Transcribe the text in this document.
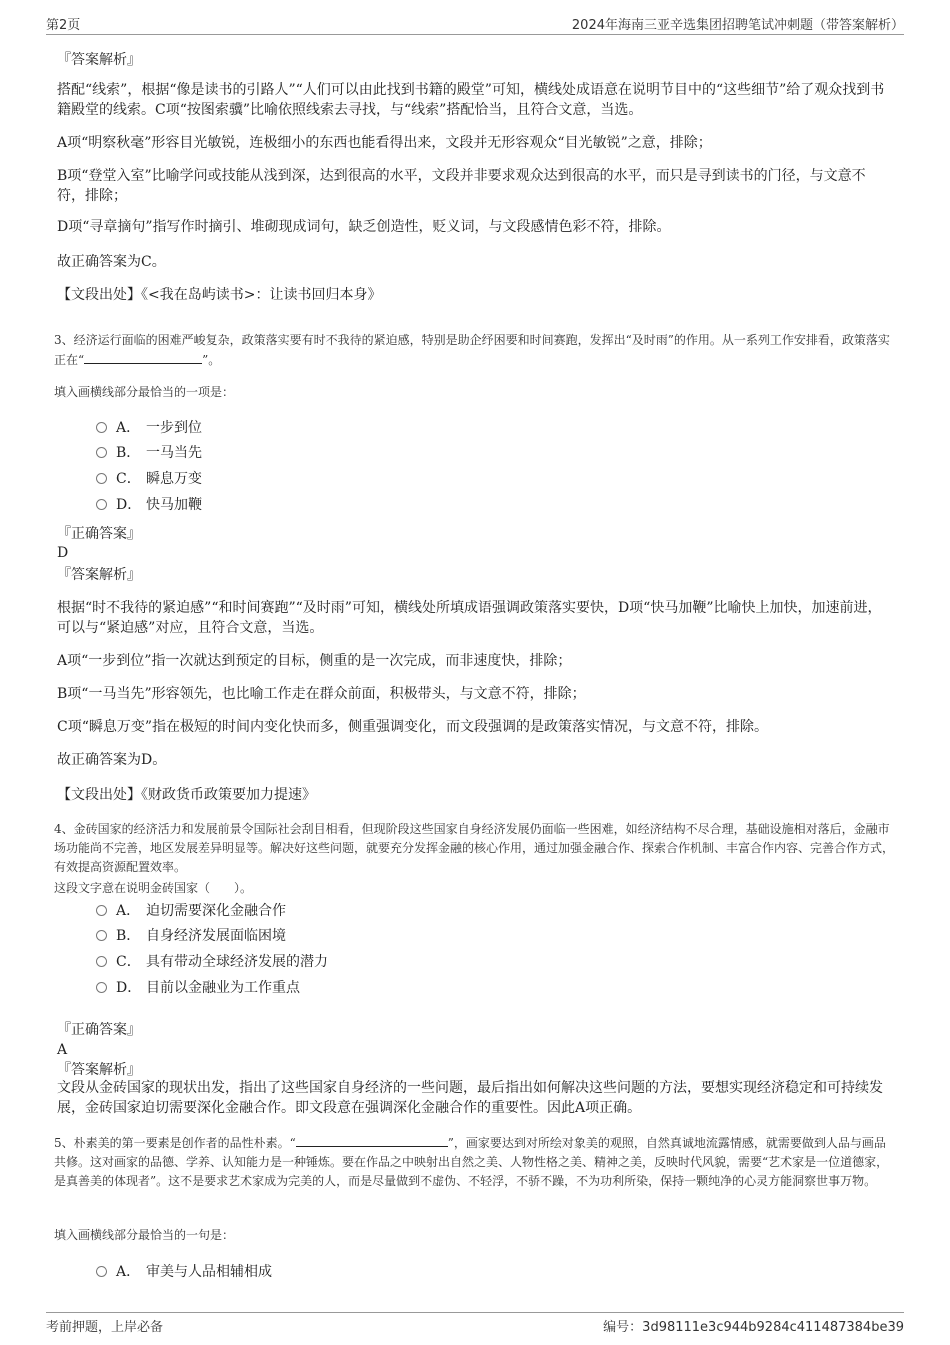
第2页	2024年海南三亚辛选集团招聘笔试冲刺题（带答案解析）
『答案解析』
搭配“线索”，根据“像是读书的引路人”“人们可以由此找到书籍的殿堂”可知，横线处成语意在说明节目中的“这些细节”给了观众找到书籍殿堂的线索。C项“按图索骥”比喻依照线索去寻找，与“线索”搭配恰当，且符合文意，当选。
A项“明察秋毫”形容目光敏锐，连极细小的东西也能看得出来，文段并无形容观众“目光敏锐”之意，排除；
B项“登堂入室”比喻学问或技能从浅到深，达到很高的水平，文段并非要求观众达到很高的水平，而只是寻到读书的门径，与文意不符，排除；
D项“寻章摘句”指写作时摘引、堆砌现成词句，缺乏创造性，贬义词，与文段感情色彩不符，排除。
故正确答案为C。
【文段出处】《<我在岛屿读书>：让读书回归本身》
3、经济运行面临的困难严峻复杂，政策落实要有时不我待的紧迫感，特别是助企纾困要和时间赛跑，发挥出“及时雨”的作用。从一系列工作安排看，政策落实正在“	”。
填入画横线部分最恰当的一项是：
A． 一步到位
B． 一马当先
C． 瞬息万变
D． 快马加鞭
『正确答案』
D
『答案解析』
根据“时不我待的紧迫感”“和时间赛跑”“及时雨”可知，横线处所填成语强调政策落实要快，D项“快马加鞭”比喻快上加快，加速前进，可以与“紧迫感”对应，且符合文意，当选。
A项“一步到位”指一次就达到预定的目标，侧重的是一次完成，而非速度快，排除；
B项“一马当先”形容领先，也比喻工作走在群众前面，积极带头，与文意不符，排除；
C项“瞬息万变”指在极短的时间内变化快而多，侧重强调变化，而文段强调的是政策落实情况，与文意不符，排除。
故正确答案为D。
【文段出处】《财政货币政策要加力提速》
4、金砖国家的经济活力和发展前景令国际社会刮目相看，但现阶段这些国家自身经济发展仍面临一些困难，如经济结构不尽合理，基础设施相对落后，金融市场功能尚不完善，地区发展差异明显等。解决好这些问题，就要充分发挥金融的核心作用，通过加强金融合作、探索合作机制、丰富合作内容、完善合作方式，有效提高资源配置效率。
这段文字意在说明金砖国家（　　）。
A． 迫切需要深化金融合作
B． 自身经济发展面临困境
C． 具有带动全球经济发展的潜力
D． 目前以金融业为工作重点
『正确答案』
A
『答案解析』
文段从金砖国家的现状出发，指出了这些国家自身经济的一些问题，最后指出如何解决这些问题的方法，要想实现经济稳定和可持续发展，金砖国家迫切需要深化金融合作。即文段意在强调深化金融合作的重要性。因此A项正确。
5、朴素美的第一要素是创作者的品性朴素。“	”，画家要达到对所绘对象美的观照，自然真诚地流露情感，就需要做到人品与画品共修。这对画家的品德、学养、认知能力是一种锤炼。要在作品之中映射出自然之美、人物性格之美、精神之美，反映时代风貌，需要“艺术家是一位道德家，是真善美的体现者”。这不是要求艺术家成为完美的人，而是尽量做到不虚伪、不轻浮，不骄不躁，不为功利所染，保持一颗纯净的心灵方能洞察世事万物。
填入画横线部分最恰当的一句是：
A． 审美与人品相辅相成
考前押题，上岸必备	编号：3d98111e3c944b9284c411487384be39
